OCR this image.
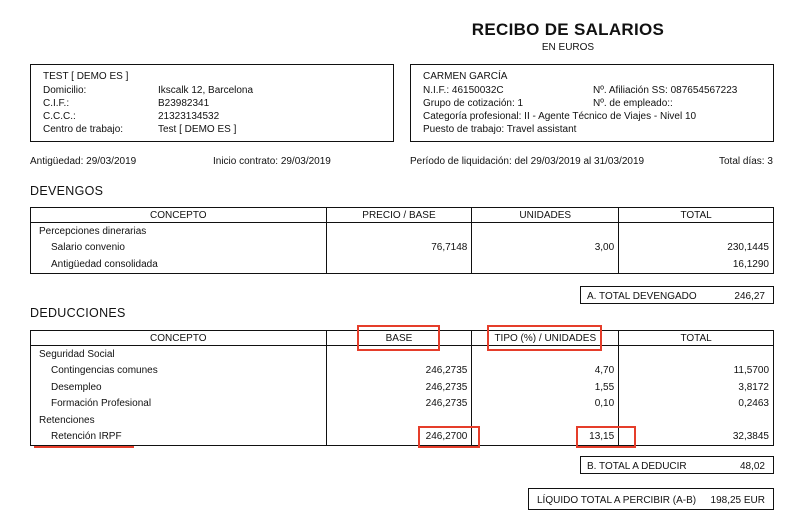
RECIBO DE SALARIOS
EN EUROS
TEST [ DEMO ES ]
Domicilio:	Ikscalk 12, Barcelona
C.I.F.:	B23982341
C.C.C.:	21323134532
Centro de trabajo:	Test [ DEMO ES ]
CARMEN GARCÍA
N.I.F.: 46150032C	Nº. Afiliación SS: 087654567223
Grupo de cotización: 1	Nº. de empleado::
Categoría profesional: II - Agente Técnico de Viajes - Nivel 10
Puesto de trabajo: Travel assistant
Antigüedad: 29/03/2019	Inicio contrato: 29/03/2019	Período de liquidación: del 29/03/2019 al 31/03/2019	Total días: 3
DEVENGOS
CONCEPTO	PRECIO / BASE	UNIDADES	TOTAL
Percepciones dinerarias			
Salario convenio	76,7148	3,00	230,1445
Antigüedad consolidada			16,1290
A. TOTAL DEVENGADO	246,27
DEDUCCIONES
CONCEPTO	BASE	TIPO (%) / UNIDADES	TOTAL
Seguridad Social			
Contingencias comunes	246,2735	4,70	11,5700
Desempleo	246,2735	1,55	3,8172
Formación Profesional	246,2735	0,10	0,2463
Retenciones			
Retención IRPF	246,2700	13,15	32,3845
B. TOTAL A DEDUCIR	48,02
LÍQUIDO TOTAL A PERCIBIR (A-B) 198,25 EUR
